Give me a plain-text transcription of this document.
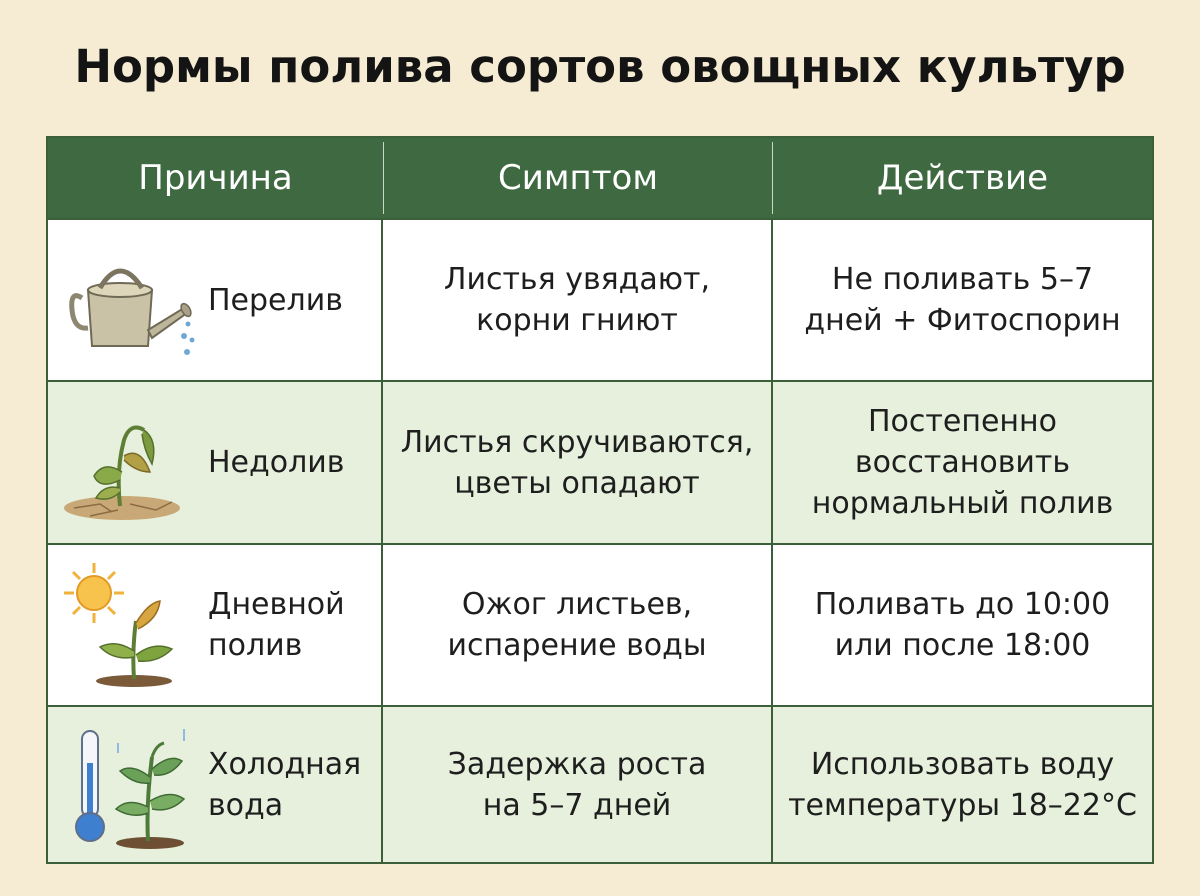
Нормы полива сортов овощных культур
Причина	Симптом	Действие
Перелив
Листья увядают,
корни гниют
Не поливать 5–7
дней + Фитоспорин
Недолив
Листья скручиваются,
цветы опадают
Постепенно
восстановить
нормальный полив
Дневной
полив
Ожог листьев,
испарение воды
Поливать до 10:00
или после 18:00
Холодная
вода
Задержка роста
на 5–7 дней
Использовать воду
температуры 18–22°C
